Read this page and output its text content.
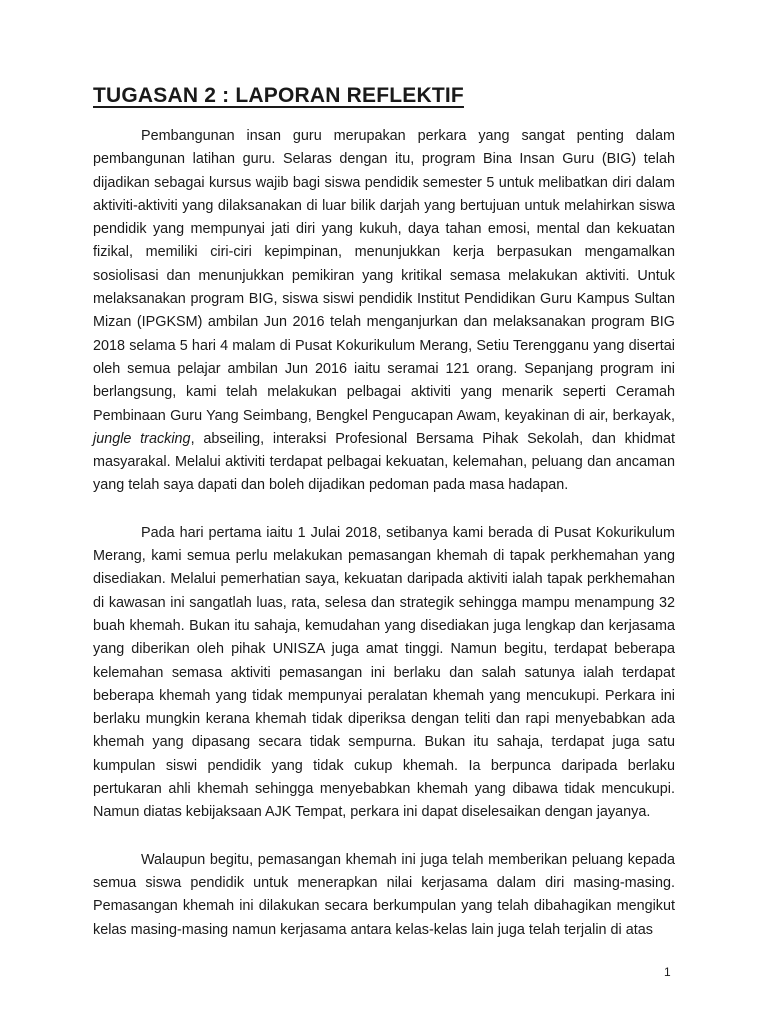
TUGASAN 2 : LAPORAN REFLEKTIF

Pembangunan insan guru merupakan perkara yang sangat penting dalam pembangunan latihan guru. Selaras dengan itu, program Bina Insan Guru (BIG) telah dijadikan sebagai kursus wajib bagi siswa pendidik semester 5 untuk melibatkan diri dalam aktiviti-aktiviti yang dilaksanakan di luar bilik darjah yang bertujuan untuk melahirkan siswa pendidik yang mempunyai jati diri yang kukuh, daya tahan emosi, mental dan kekuatan fizikal, memiliki ciri-ciri kepimpinan, menunjukkan kerja berpasukan mengamalkan sosiolisasi dan menunjukkan pemikiran yang kritikal semasa melakukan aktiviti. Untuk melaksanakan program BIG, siswa siswi pendidik Institut Pendidikan Guru Kampus Sultan Mizan (IPGKSM) ambilan Jun 2016 telah menganjurkan dan melaksanakan program BIG 2018 selama 5 hari 4 malam di Pusat Kokurikulum Merang, Setiu Terengganu yang disertai oleh semua pelajar ambilan Jun 2016 iaitu seramai 121 orang. Sepanjang program ini berlangsung, kami telah melakukan pelbagai aktiviti yang menarik seperti Ceramah Pembinaan Guru Yang Seimbang, Bengkel Pengucapan Awam, keyakinan di air, berkayak, jungle tracking, abseiling, interaksi Profesional Bersama Pihak Sekolah, dan khidmat masyarakal. Melalui aktiviti terdapat pelbagai kekuatan, kelemahan, peluang dan ancaman yang telah saya dapati dan boleh dijadikan pedoman pada masa hadapan.

Pada hari pertama iaitu 1 Julai 2018, setibanya kami berada di Pusat Kokurikulum Merang, kami semua perlu melakukan pemasangan khemah di tapak perkhemahan yang disediakan. Melalui pemerhatian saya, kekuatan daripada aktiviti ialah tapak perkhemahan di kawasan ini sangatlah luas, rata, selesa dan strategik sehingga mampu menampung 32 buah khemah. Bukan itu sahaja, kemudahan yang disediakan juga lengkap dan kerjasama yang diberikan oleh pihak UNISZA juga amat tinggi. Namun begitu, terdapat beberapa kelemahan semasa aktiviti pemasangan ini berlaku dan salah satunya ialah terdapat beberapa khemah yang tidak mempunyai peralatan khemah yang mencukupi. Perkara ini berlaku mungkin kerana khemah tidak diperiksa dengan teliti dan rapi menyebabkan ada khemah yang dipasang secara tidak sempurna. Bukan itu sahaja, terdapat juga satu kumpulan siswi pendidik yang tidak cukup khemah. Ia berpunca daripada berlaku pertukaran ahli khemah sehingga menyebabkan khemah yang dibawa tidak mencukupi. Namun diatas kebijaksaan AJK Tempat, perkara ini dapat diselesaikan dengan jayanya.

Walaupun begitu, pemasangan khemah ini juga telah memberikan peluang kepada semua siswa pendidik untuk menerapkan nilai kerjasama dalam diri masing-masing. Pemasangan khemah ini dilakukan secara berkumpulan yang telah dibahagikan mengikut kelas masing-masing namun kerjasama antara kelas-kelas lain juga telah terjalin di atas

1
